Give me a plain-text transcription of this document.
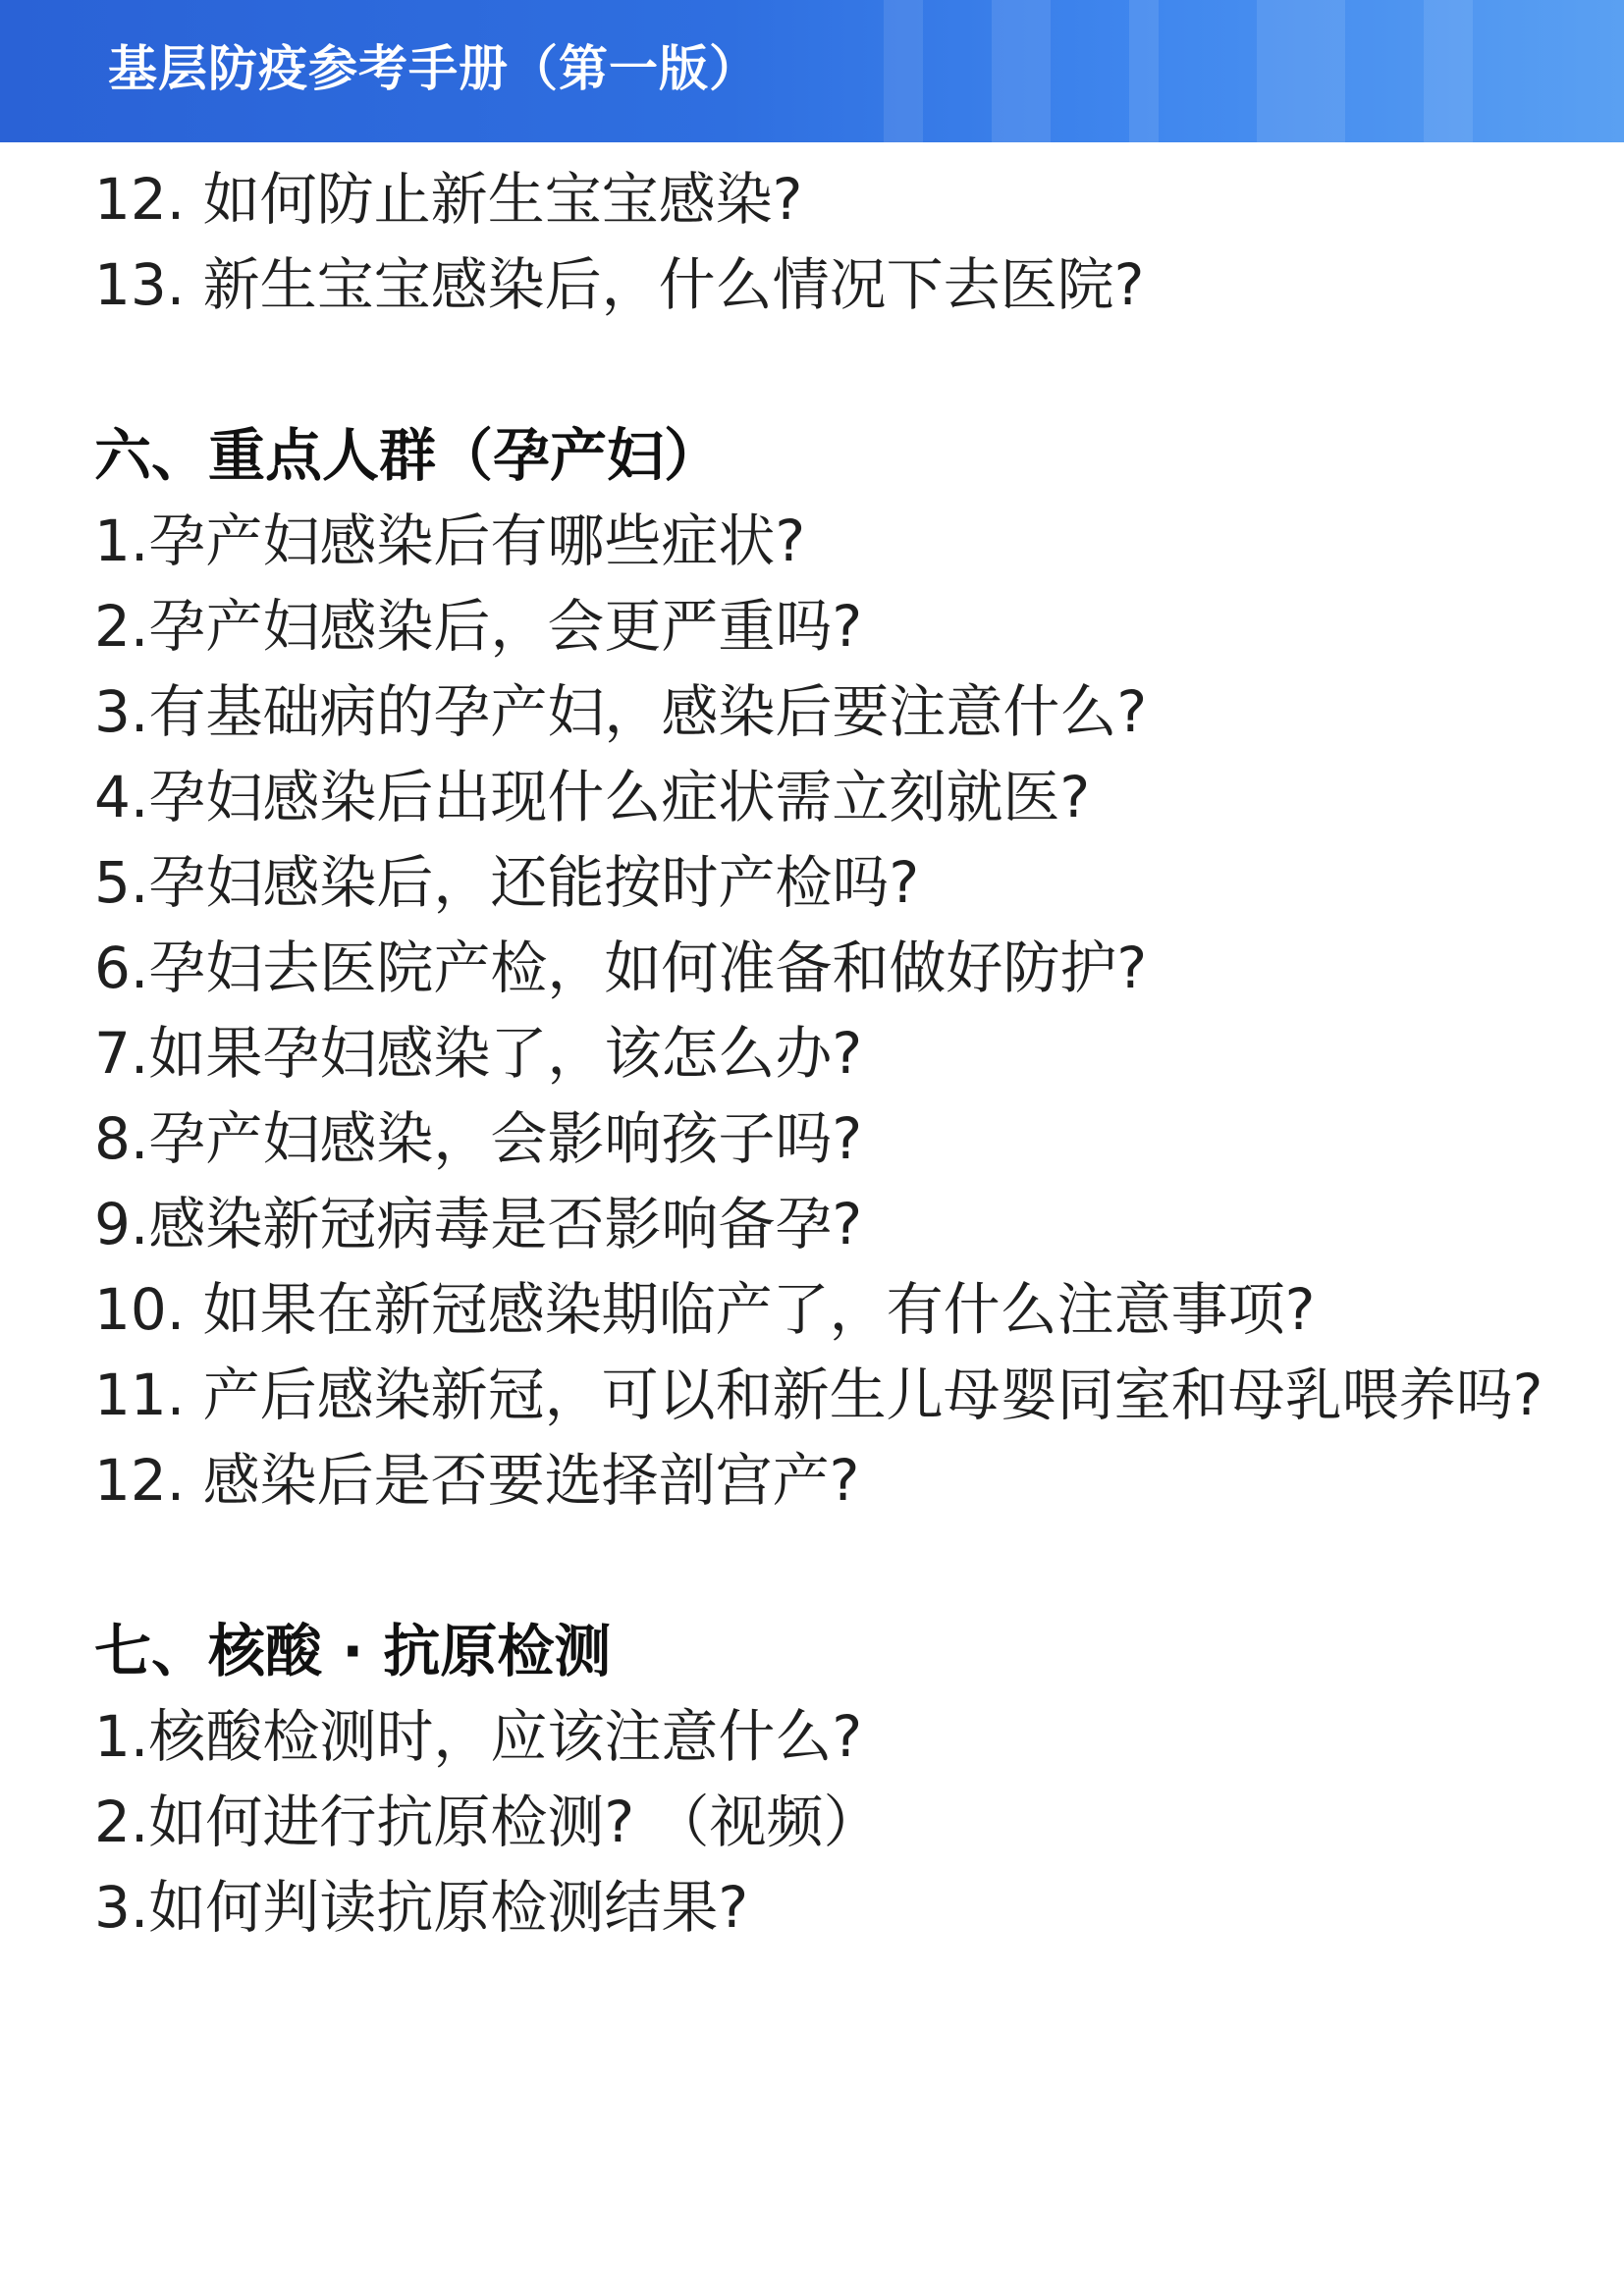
基层防疫参考手册（第一版）
12. 如何防止新生宝宝感染?
13. 新生宝宝感染后，什么情况下去医院?
六、重点人群（孕产妇）
1.孕产妇感染后有哪些症状?
2.孕产妇感染后，会更严重吗?
3.有基础病的孕产妇，感染后要注意什么?
4.孕妇感染后出现什么症状需立刻就医?
5.孕妇感染后，还能按时产检吗?
6.孕妇去医院产检，如何准备和做好防护?
7.如果孕妇感染了，该怎么办?
8.孕产妇感染，会影响孩子吗?
9.感染新冠病毒是否影响备孕?
10. 如果在新冠感染期临产了，有什么注意事项?
11. 产后感染新冠，可以和新生儿母婴同室和母乳喂养吗?
12. 感染后是否要选择剖宫产?
七、核酸 · 抗原检测
1.核酸检测时，应该注意什么?
2.如何进行抗原检测? （视频）
3.如何判读抗原检测结果?
